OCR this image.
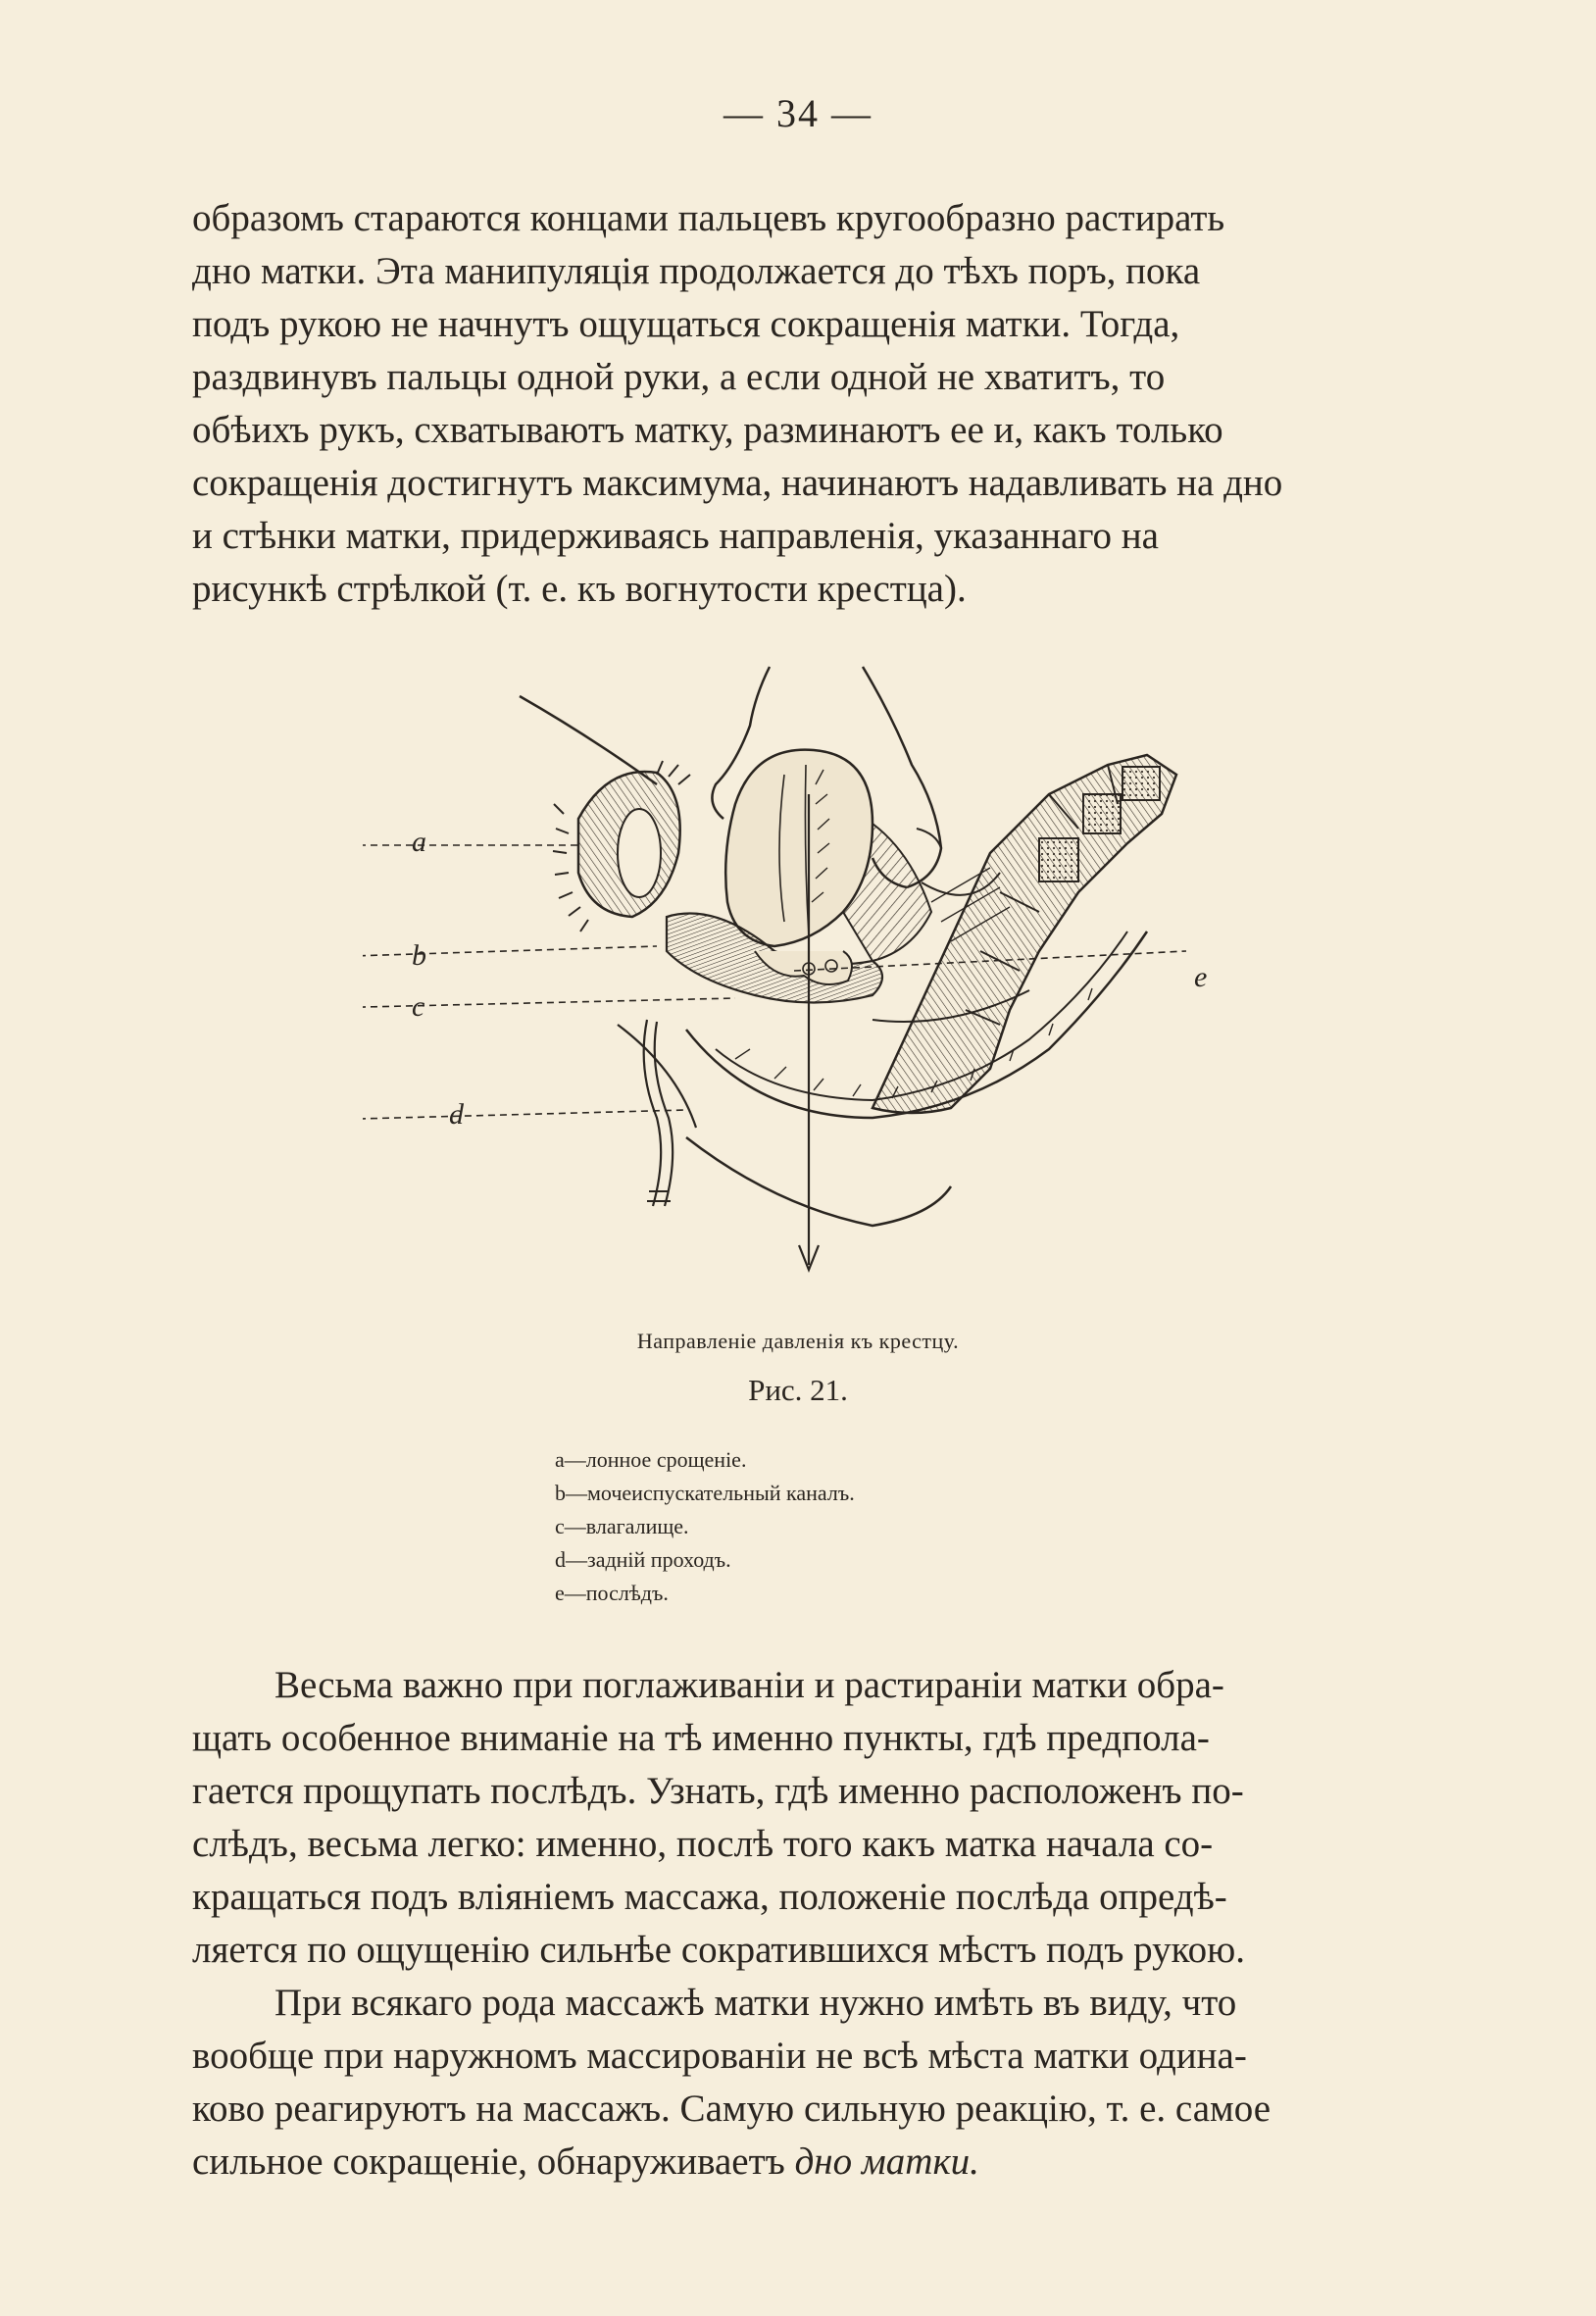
— 34 —

образомъ стараются концами пальцевъ кругообразно растирать

дно матки. Эта манипуляція продолжается до тѣхъ поръ, пока

подъ рукою не начнутъ ощущаться сокращенія матки. Тогда,

раздвинувъ пальцы одной руки, а если одной не хватитъ, то

обѣихъ рукъ, схватываютъ матку, разминаютъ ее и, какъ только

сокращенія достигнутъ максимума, начинаютъ надавливать на дно

и стѣнки матки, придерживаясь направленія, указаннаго на

рисункѣ стрѣлкой (т. е. къ вогнутости крестца).

a
b
c
d
e
Направленіе давленія къ крестцу.
Рис. 21.
a—лонное срощеніе.
b—мочеиспускательный каналъ.
c—влагалище.
d—задній проходъ.
e—послѣдъ.

Весьма важно при поглаживаніи и растираніи матки обра-

щать особенное вниманіе на тѣ именно пункты, гдѣ предпола-

гается прощупать послѣдъ. Узнать, гдѣ именно расположенъ по-

слѣдъ, весьма легко: именно, послѣ того какъ матка начала со-

кращаться подъ вліяніемъ массажа, положеніе послѣда опредѣ-

ляется по ощущенію сильнѣе сократившихся мѣстъ подъ рукою.

При всякаго рода массажѣ матки нужно имѣть въ виду, что

вообще при наружномъ массированіи не всѣ мѣста матки одина-

ково реагируютъ на массажъ. Самую сильную реакцію, т. е. самое

сильное сокращеніе, обнаруживаетъ дно матки.
